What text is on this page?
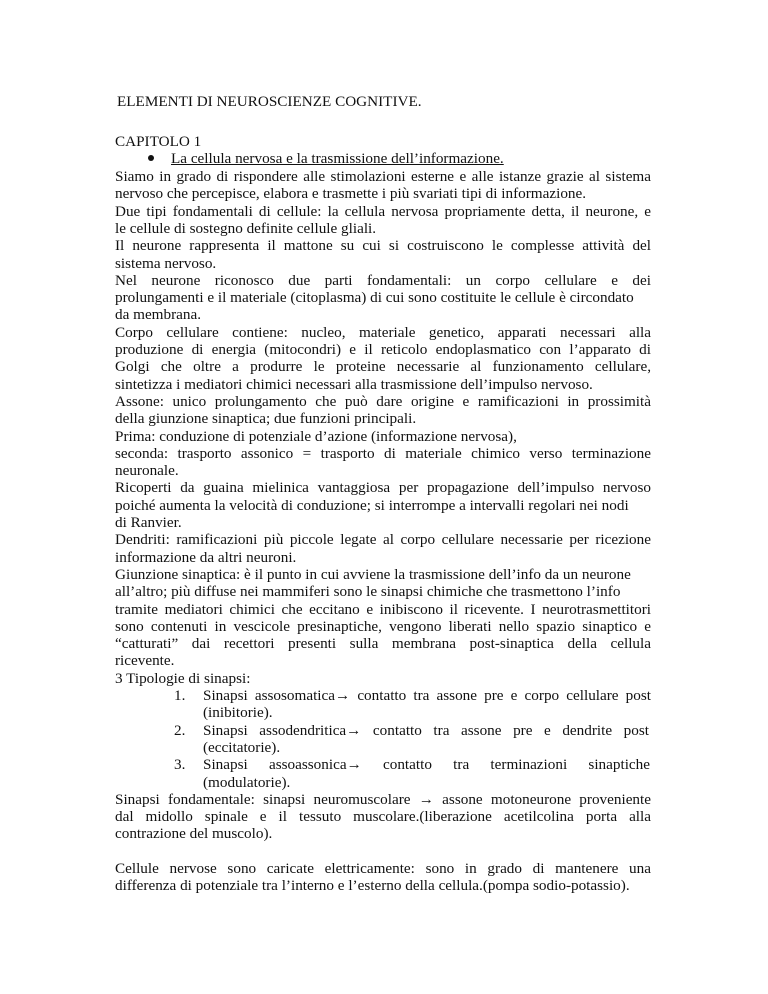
ELEMENTI DI NEUROSCIENZE COGNITIVE.
CAPITOLO 1
La cellula nervosa e la trasmissione dell’informazione.
Siamo in grado di rispondere alle stimolazioni esterne e alle istanze grazie al sistema
nervoso che percepisce, elabora e trasmette i più svariati tipi di informazione.
Due tipi fondamentali di cellule: la cellula nervosa propriamente detta, il neurone, e
le cellule di sostegno definite cellule gliali.
Il neurone rappresenta il mattone su cui si costruiscono le complesse attività del
sistema nervoso.
Nel neurone riconosco due parti fondamentali: un corpo cellulare e dei
prolungamenti e il materiale (citoplasma) di cui sono costituite le cellule è circondato
da membrana.
Corpo cellulare contiene: nucleo, materiale genetico, apparati necessari alla
produzione di energia (mitocondri) e il reticolo endoplasmatico con l’apparato di
Golgi che oltre a produrre le proteine necessarie al funzionamento cellulare,
sintetizza i mediatori chimici necessari alla trasmissione dell’impulso nervoso.
Assone: unico prolungamento che può dare origine e ramificazioni in prossimità
della giunzione sinaptica; due funzioni principali.
Prima: conduzione di potenziale d’azione (informazione nervosa),
seconda: trasporto assonico = trasporto di materiale chimico verso terminazione
neuronale.
Ricoperti da guaina mielinica vantaggiosa per propagazione dell’impulso nervoso
poiché aumenta la velocità di conduzione; si interrompe a intervalli regolari nei nodi
di Ranvier.
Dendriti: ramificazioni più piccole legate al corpo cellulare necessarie per ricezione
informazione da altri neuroni.
Giunzione sinaptica: è il punto in cui avviene la trasmissione dell’info da un neurone
all’altro; più diffuse nei mammiferi sono le sinapsi chimiche che trasmettono l’info
tramite mediatori chimici che eccitano e inibiscono il ricevente. I neurotrasmettitori
sono contenuti in vescicole presinaptiche, vengono liberati nello spazio sinaptico e
“catturati” dai recettori presenti sulla membrana post-sinaptica della cellula
ricevente.
3 Tipologie di sinapsi:
1. Sinapsi assosomatica→ contatto tra assone pre e corpo cellulare post
(inibitorie).
2. Sinapsi assodendritica→ contatto tra assone pre e dendrite post
(eccitatorie).
3. Sinapsi assoassonica→ contatto tra terminazioni sinaptiche
(modulatorie).
Sinapsi fondamentale: sinapsi neuromuscolare → assone motoneurone proveniente
dal midollo spinale e il tessuto muscolare.(liberazione acetilcolina porta alla
contrazione del muscolo).
Cellule nervose sono caricate elettricamente: sono in grado di mantenere una
differenza di potenziale tra l’interno e l’esterno della cellula.(pompa sodio-potassio).
